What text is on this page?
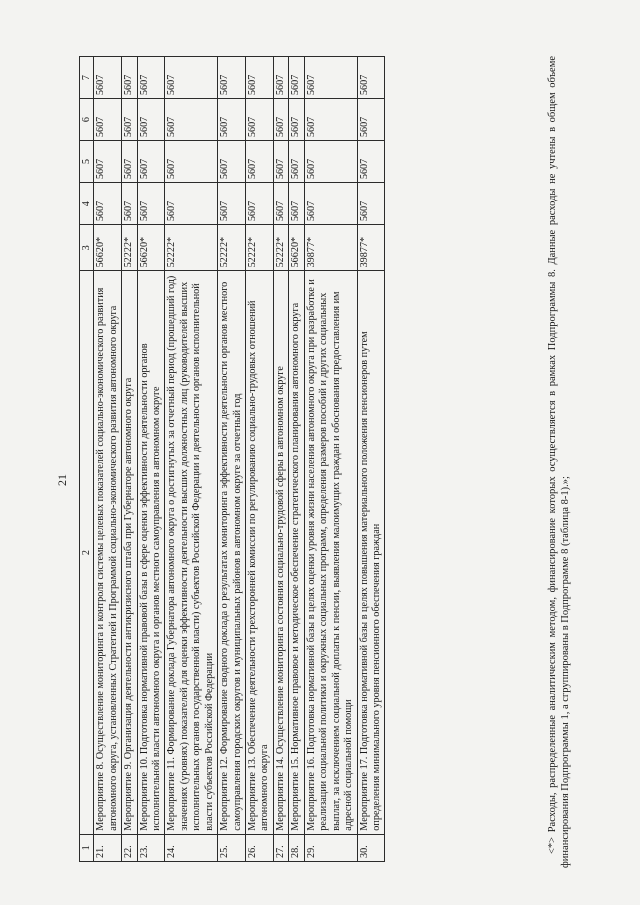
21
1	2	3	4	5	6	7
21.	Мероприятие 8. Осуществление мониторинга и контроля системы целевых показателей социально-экономического развития автономного округа, установленных Стратегией и Программой социально-экономического развития автономного округа	56620*	5607	5607	5607	5607
22.	Мероприятие 9. Организация деятельности антикризисного штаба при Губернаторе автономного округа	52222*	5607	5607	5607	5607
23.	Мероприятие 10. Подготовка нормативной правовой базы в сфере оценки эффективности деятельности органов исполнительной власти автономного округа и органов местного самоуправления в автономном округе	56620*	5607	5607	5607	5607
24.	Мероприятие 11. Формирование доклада Губернатора автономного округа о достигнутых за отчетный период (прошедший год) значениях (уровнях) показателей для оценки эффективности деятельности высших должностных лиц (руководителей высших исполнительных органов государственной власти) субъектов Российской Федерации и деятельности органов исполнительной власти субъектов Российской Федерации	52222*	5607	5607	5607	5607
25.	Мероприятие 12. Формирование сводного доклада о результатах мониторинга эффективности деятельности органов местного самоуправления городских округов и муниципальных районов в автономном округе за отчетный год	52222*	5607	5607	5607	5607
26.	Мероприятие 13. Обеспечение деятельности трехсторонней комиссии по регулированию социально-трудовых отношений автономного округа	52222*	5607	5607	5607	5607
27.	Мероприятие 14. Осуществление мониторинга состояния социально-трудовой сферы в автономном округе	52222*	5607	5607	5607	5607
28.	Мероприятие 15. Нормативное правовое и методическое обеспечение стратегического планирования автономного округа	56620*	5607	5607	5607	5607
29.	Мероприятие 16. Подготовка нормативной базы в целях оценки уровня жизни населения автономного округа при разработке и реализации социальной политики и окружных социальных программ, определения размеров пособий и других социальных выплат, за исключением социальной доплаты к пенсии, выявления малоимущих граждан и обоснования предоставления им адресной социальной помощи	39877*	5607	5607	5607	5607
30.	Мероприятие 17. Подготовка нормативной базы в целях повышения материального положения пенсионеров путем определения минимального уровня пенсионного обеспечения граждан	39877*	5607	5607	5607	5607	<*> Расходы, распределенные аналитическим методом, финансирование которых осуществляется в рамках Подпрограммы 8. Данные расходы не учтены в общем объеме финансирования Подпрограммы 1, а сгруппированы в Подпрограмме 8 (таблица 8-1).»;
